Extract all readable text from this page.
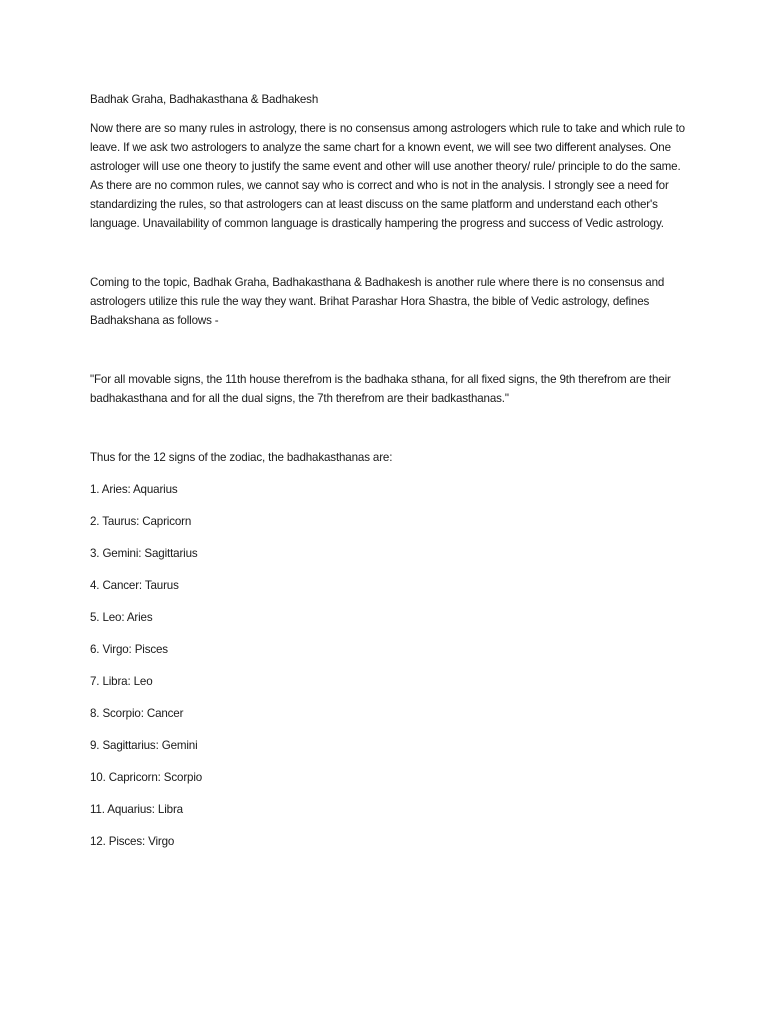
Badhak Graha, Badhakasthana & Badhakesh

Now there are so many rules in astrology, there is no consensus among astrologers which rule to take and which rule to leave. If we ask two astrologers to analyze the same chart for a known event, we will see two different analyses. One astrologer will use one theory to justify the same event and other will use another theory/ rule/ principle to do the same. As there are no common rules, we cannot say who is correct and who is not in the analysis. I strongly see a need for standardizing the rules, so that astrologers can at least discuss on the same platform and understand each other's language. Unavailability of common language is drastically hampering the progress and success of Vedic astrology.

Coming to the topic, Badhak Graha, Badhakasthana & Badhakesh is another rule where there is no consensus and astrologers utilize this rule the way they want. Brihat Parashar Hora Shastra, the bible of Vedic astrology, defines Badhakshana as follows -

"For all movable signs, the 11th house therefrom is the badhaka sthana, for all fixed signs, the 9th therefrom are their badhakasthana and for all the dual signs, the 7th therefrom are their badkasthanas."

Thus for the 12 signs of the zodiac, the badhakasthanas are:

1. Aries: Aquarius
2. Taurus: Capricorn
3. Gemini: Sagittarius
4. Cancer: Taurus
5. Leo: Aries
6. Virgo: Pisces
7. Libra: Leo
8. Scorpio: Cancer
9. Sagittarius: Gemini
10. Capricorn: Scorpio
11. Aquarius: Libra
12. Pisces: Virgo
